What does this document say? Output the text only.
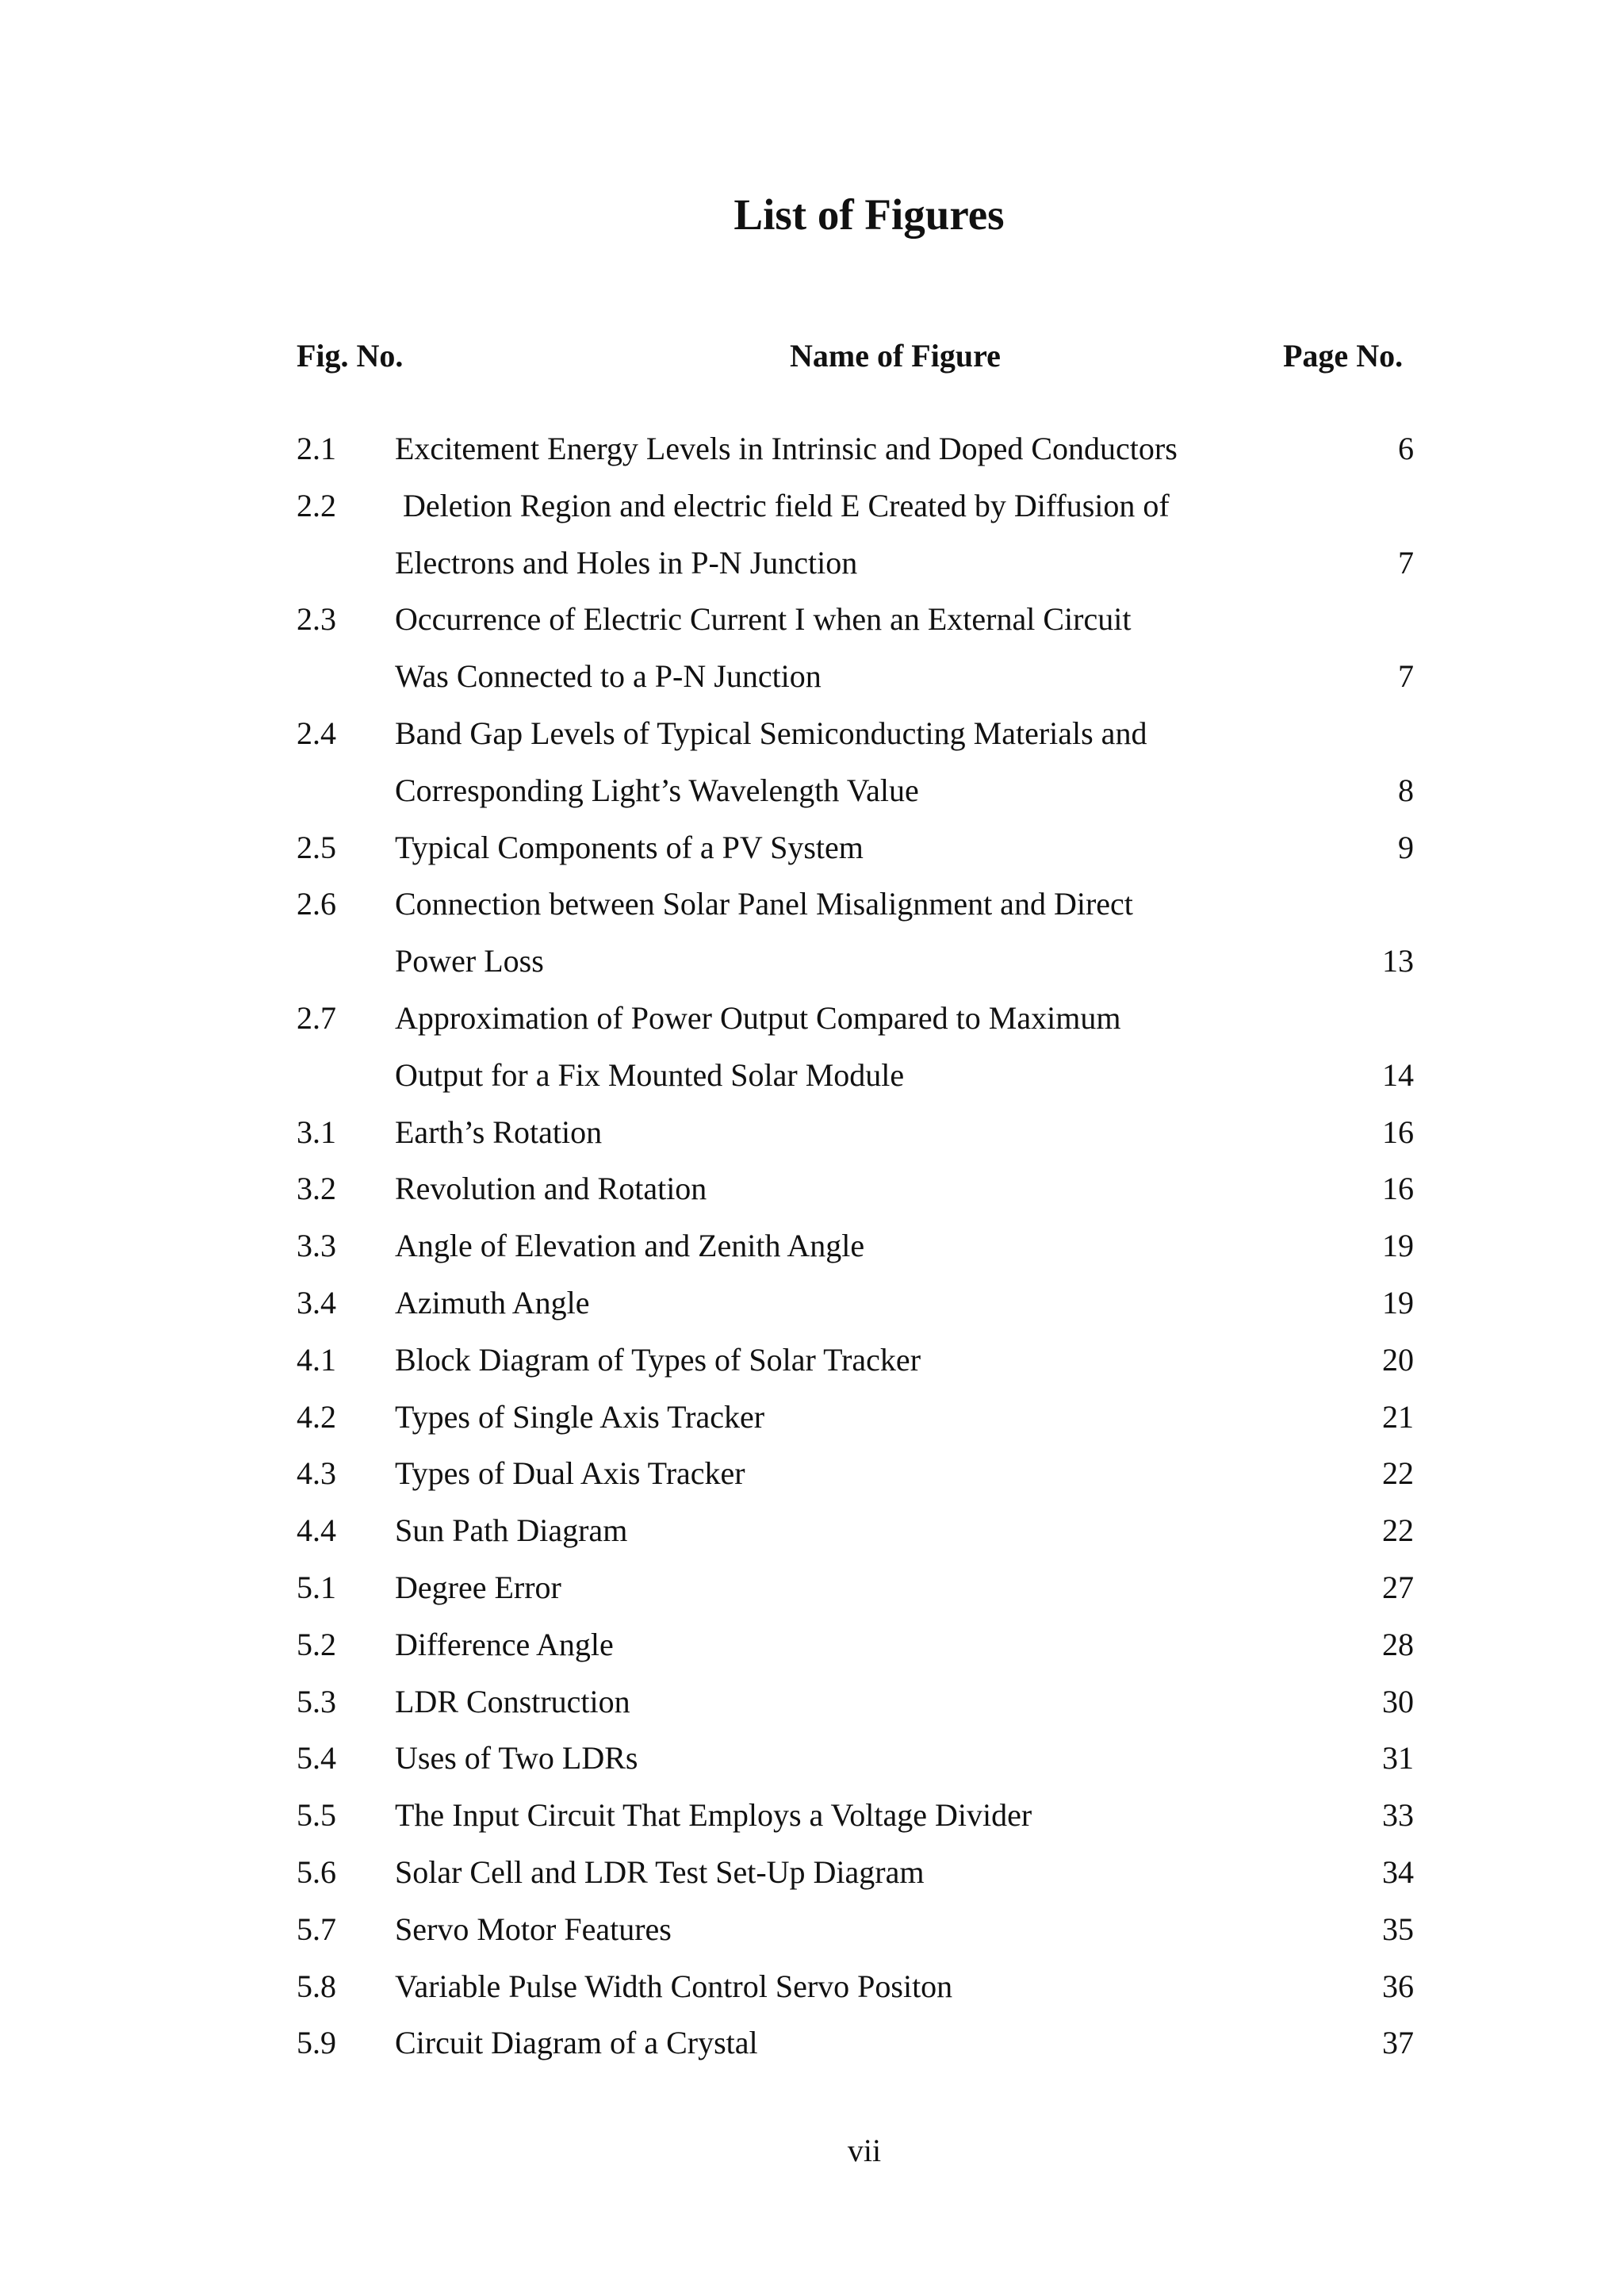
List of Figures
Fig. No.	Name of Figure	Page No.
2.1 Excitement Energy Levels in Intrinsic and Doped Conductors	6
2.2 Deletion Region and electric field E Created by Diffusion of
Electrons and Holes in P-N Junction	7
2.3 Occurrence of Electric Current I when an External Circuit
Was Connected to a P-N Junction	7
2.4 Band Gap Levels of Typical Semiconducting Materials and
Corresponding Light’s Wavelength Value	8
2.5 Typical Components of a PV System	9
2.6 Connection between Solar Panel Misalignment and Direct
Power Loss	13
2.7 Approximation of Power Output Compared to Maximum
Output for a Fix Mounted Solar Module	14
3.1 Earth’s Rotation	16
3.2 Revolution and Rotation	16
3.3 Angle of Elevation and Zenith Angle	19
3.4 Azimuth Angle	19
4.1 Block Diagram of Types of Solar Tracker	20
4.2 Types of Single Axis Tracker	21
4.3 Types of Dual Axis Tracker	22
4.4 Sun Path Diagram	22
5.1 Degree Error	27
5.2 Difference Angle	28
5.3 LDR Construction	30
5.4 Uses of Two LDRs	31
5.5 The Input Circuit That Employs a Voltage Divider	33
5.6 Solar Cell and LDR Test Set-Up Diagram	34
5.7 Servo Motor Features	35
5.8 Variable Pulse Width Control Servo Positon	36
5.9 Circuit Diagram of a Crystal	37
vii
